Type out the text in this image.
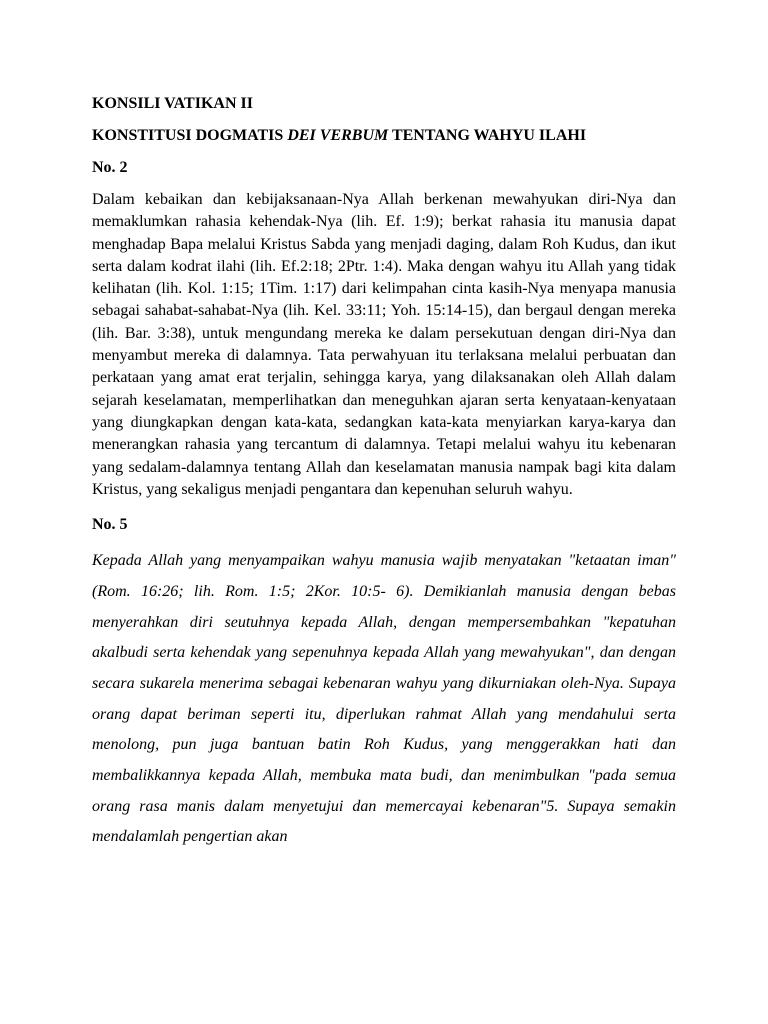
KONSILI VATIKAN II

KONSTITUSI DOGMATIS DEI VERBUM TENTANG WAHYU ILAHI

No. 2

Dalam kebaikan dan kebijaksanaan-Nya Allah berkenan mewahyukan diri-Nya dan memaklumkan rahasia kehendak-Nya (lih. Ef. 1:9); berkat rahasia itu manusia dapat menghadap Bapa melalui Kristus Sabda yang menjadi daging, dalam Roh Kudus, dan ikut serta dalam kodrat ilahi (lih. Ef.2:18; 2Ptr. 1:4). Maka dengan wahyu itu Allah yang tidak kelihatan (lih. Kol. 1:15; 1Tim. 1:17) dari kelimpahan cinta kasih-Nya menyapa manusia sebagai sahabat-sahabat-Nya (lih. Kel. 33:11; Yoh. 15:14-15), dan bergaul dengan mereka (lih. Bar. 3:38), untuk mengundang mereka ke dalam persekutuan dengan diri-Nya dan menyambut mereka di dalamnya. Tata perwahyuan itu terlaksana melalui perbuatan dan perkataan yang amat erat terjalin, sehingga karya, yang dilaksanakan oleh Allah dalam sejarah keselamatan, memperlihatkan dan meneguhkan ajaran serta kenyataan-kenyataan yang diungkapkan dengan kata-kata, sedangkan kata-kata menyiarkan karya-karya dan menerangkan rahasia yang tercantum di dalamnya. Tetapi melalui wahyu itu kebenaran yang sedalam-dalamnya tentang Allah dan keselamatan manusia nampak bagi kita dalam Kristus, yang sekaligus menjadi pengantara dan kepenuhan seluruh wahyu.

No. 5

Kepada Allah yang menyampaikan wahyu manusia wajib menyatakan "ketaatan iman" (Rom. 16:26; lih. Rom. 1:5; 2Kor. 10:5- 6). Demikianlah manusia dengan bebas menyerahkan diri seutuhnya kepada Allah, dengan mempersembahkan "kepatuhan akalbudi serta kehendak yang sepenuhnya kepada Allah yang mewahyukan", dan dengan secara sukarela menerima sebagai kebenaran wahyu yang dikurniakan oleh-Nya. Supaya orang dapat beriman seperti itu, diperlukan rahmat Allah yang mendahului serta menolong, pun juga bantuan batin Roh Kudus, yang menggerakkan hati dan membalikkannya kepada Allah, membuka mata budi, dan menimbulkan "pada semua orang rasa manis dalam menyetujui dan memercayai kebenaran"5. Supaya semakin mendalamlah pengertian akan
